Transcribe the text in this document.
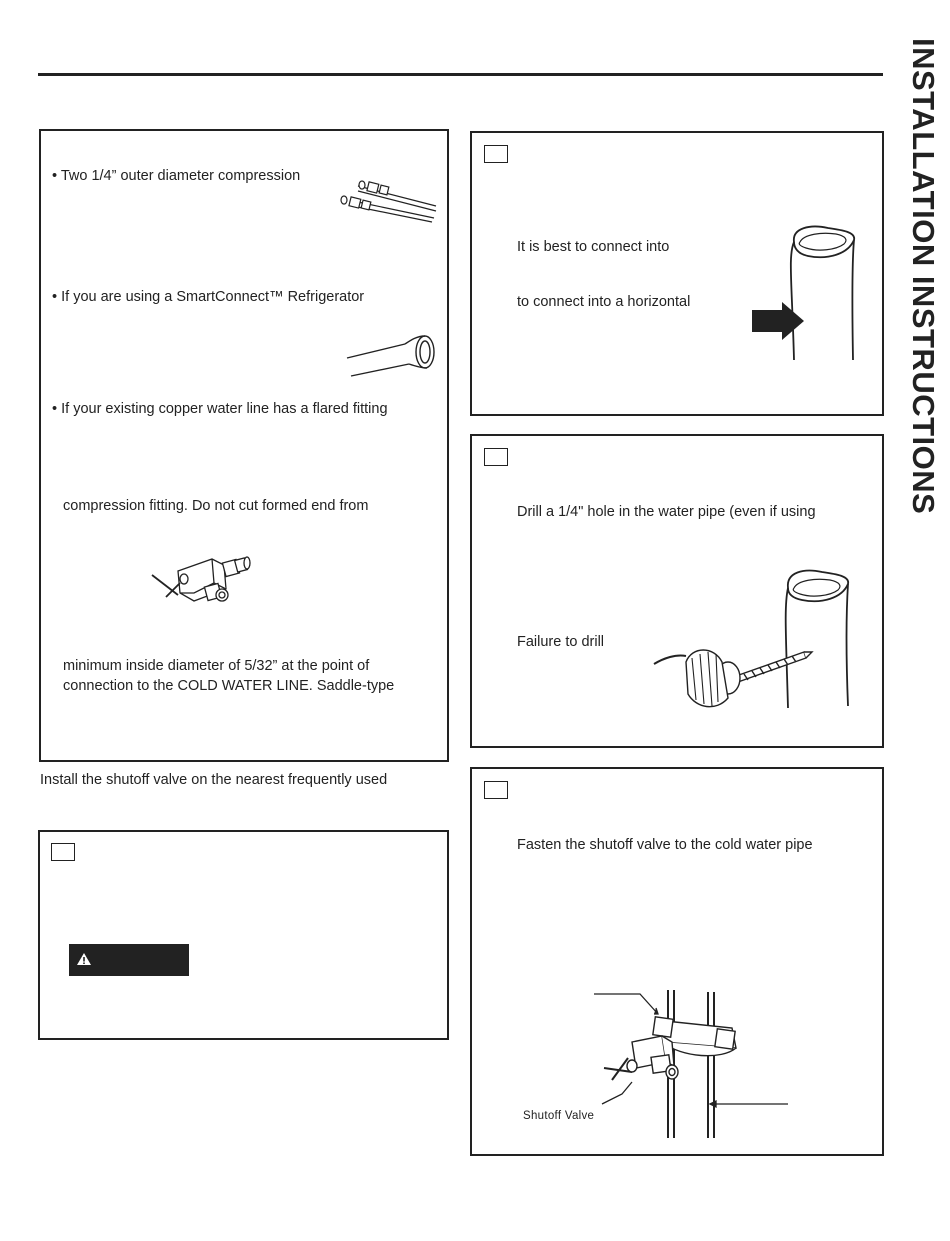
INSTALLATION INSTRUCTIONS
• Two 1/4” outer diameter compression
• If you are using a SmartConnect™ Refrigerator
• If your existing copper water line has a flared fitting
compression fitting. Do not cut formed end from
minimum inside diameter of 5/32” at the point of
connection to the COLD WATER LINE. Saddle-type
Install the shutoff valve on the nearest frequently used
It is best to connect into
to connect into a horizontal
Drill a 1/4" hole in the water pipe (even if using
Failure to drill
Fasten the shutoff valve to the cold water pipe
Shutoff Valve
